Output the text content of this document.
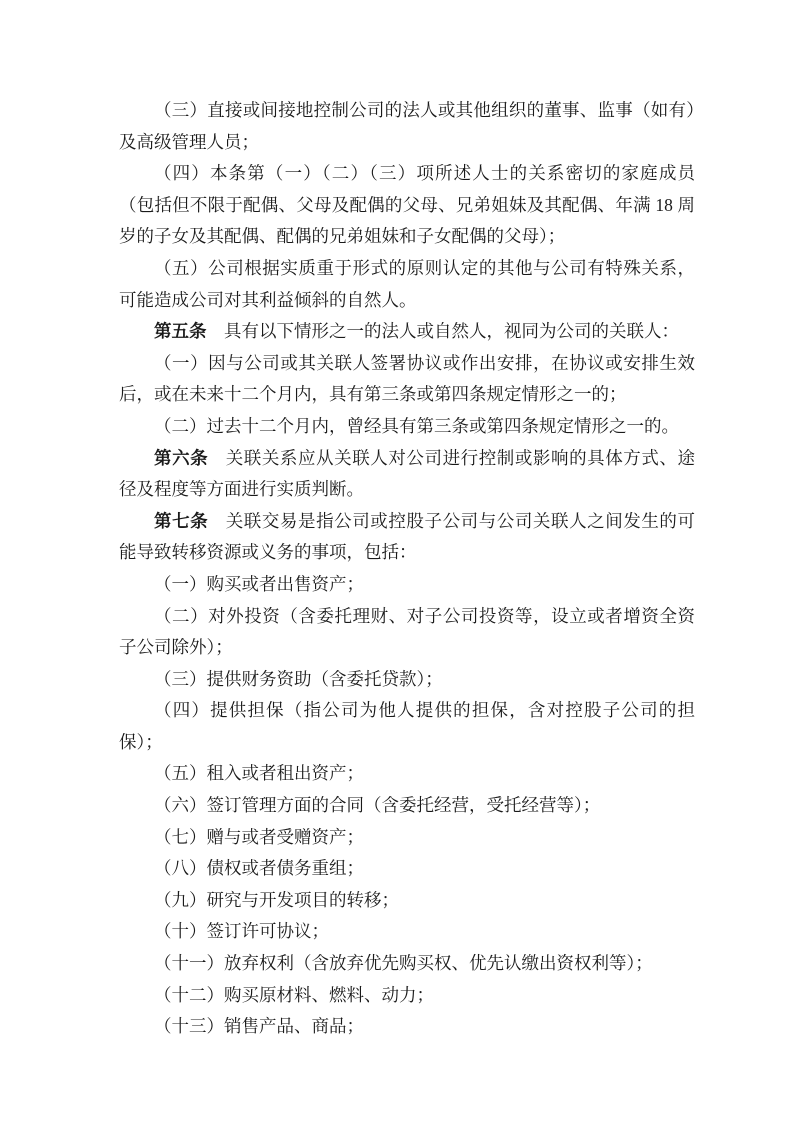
（三）直接或间接地控制公司的法人或其他组织的董事、监事（如有）及高级管理人员；

（四）本条第（一）（二）（三）项所述人士的关系密切的家庭成员（包括但不限于配偶、父母及配偶的父母、兄弟姐妹及其配偶、年满 18 周岁的子女及其配偶、配偶的兄弟姐妹和子女配偶的父母）；

（五）公司根据实质重于形式的原则认定的其他与公司有特殊关系，可能造成公司对其利益倾斜的自然人。

第五条 具有以下情形之一的法人或自然人，视同为公司的关联人：

（一）因与公司或其关联人签署协议或作出安排，在协议或安排生效后，或在未来十二个月内，具有第三条或第四条规定情形之一的；

（二）过去十二个月内，曾经具有第三条或第四条规定情形之一的。

第六条 关联关系应从关联人对公司进行控制或影响的具体方式、途径及程度等方面进行实质判断。

第七条 关联交易是指公司或控股子公司与公司关联人之间发生的可能导致转移资源或义务的事项，包括：

（一）购买或者出售资产；

（二）对外投资（含委托理财、对子公司投资等，设立或者增资全资子公司除外）；

（三）提供财务资助（含委托贷款）；

（四）提供担保（指公司为他人提供的担保，含对控股子公司的担保）；

（五）租入或者租出资产；

（六）签订管理方面的合同（含委托经营，受托经营等）；

（七）赠与或者受赠资产；

（八）债权或者债务重组；

（九）研究与开发项目的转移；

（十）签订许可协议；

（十一）放弃权利（含放弃优先购买权、优先认缴出资权利等）；

（十二）购买原材料、燃料、动力；

（十三）销售产品、商品；
